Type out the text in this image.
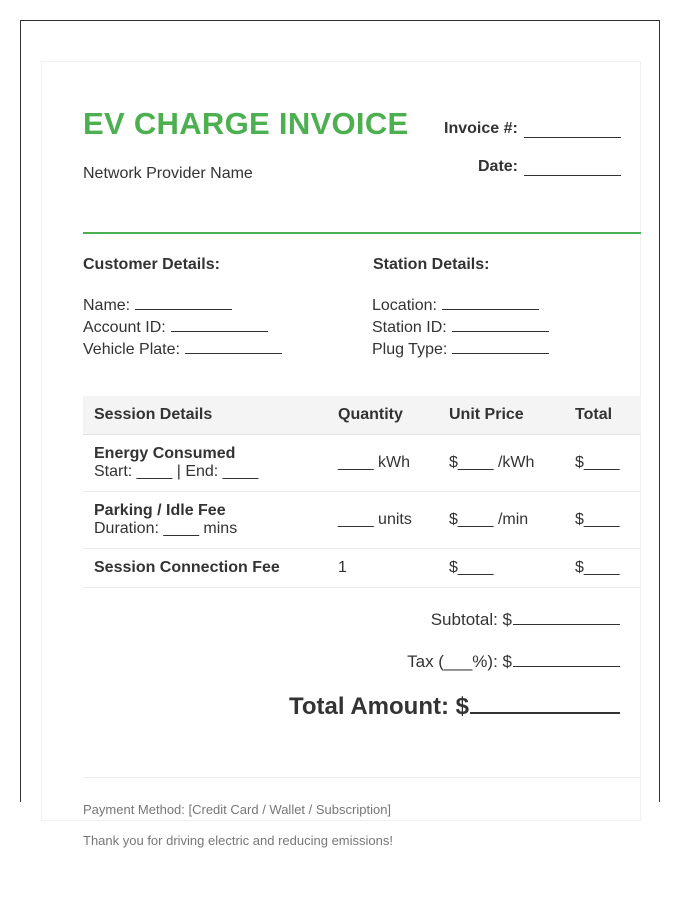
EV CHARGE INVOICE
Network Provider Name
Invoice #:
Date:
Customer Details:
Name:
Account ID:
Vehicle Plate:
Station Details:
Location:
Station ID:
Plug Type:
Session Details	Quantity	Unit Price	Total

Energy Consumed
Start: ____ | End: ____	____ kWh	$____ /kWh	$____

Parking / Idle Fee
Duration: ____ mins	____ units	$____ /min	$____

Session Connection Fee	1	$____	$____
Subtotal: $
Tax (___%): $
Total Amount: $
Payment Method: [Credit Card / Wallet / Subscription]
Thank you for driving electric and reducing emissions!
